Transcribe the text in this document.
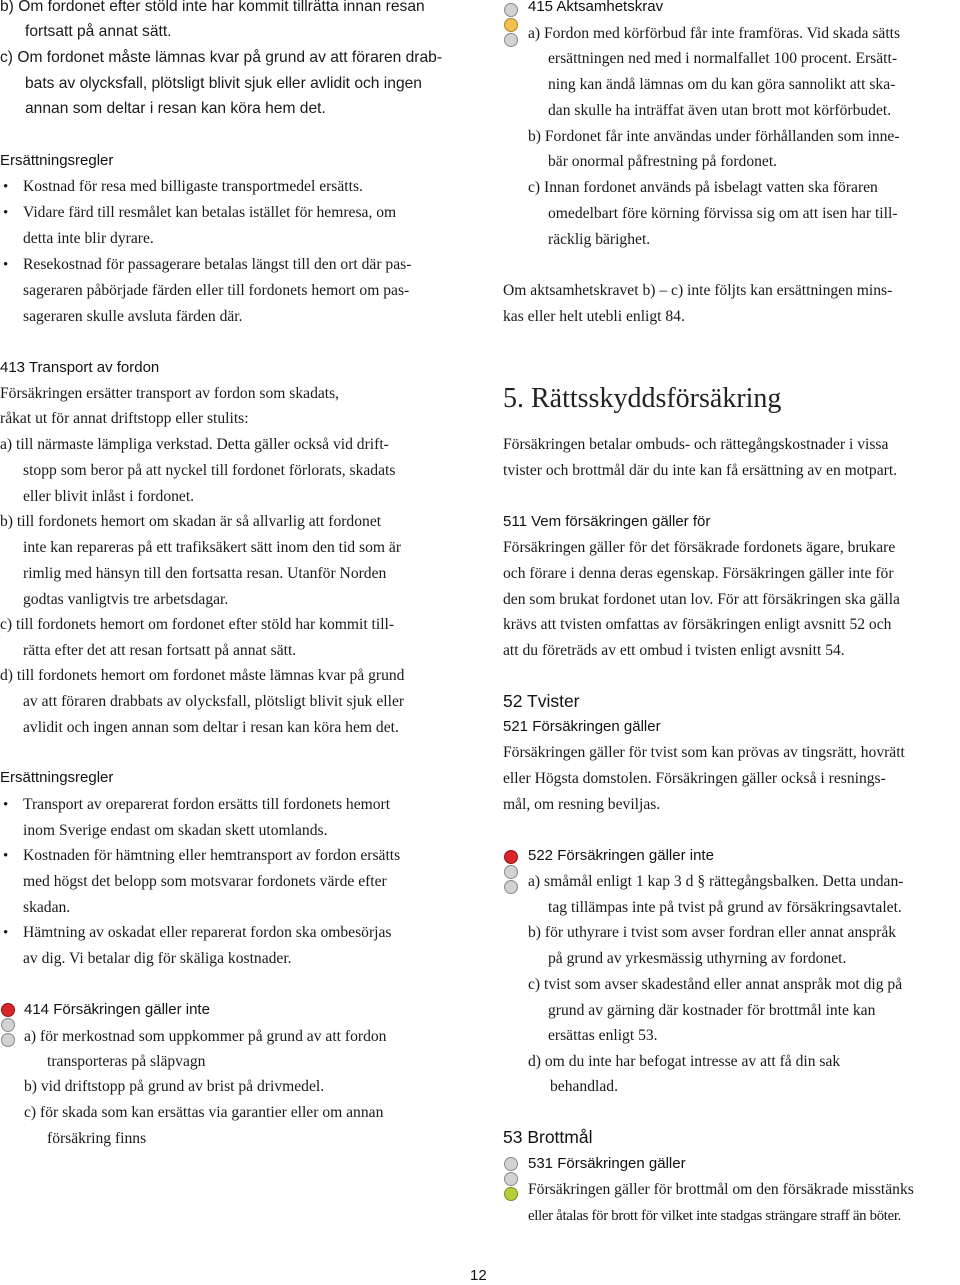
b) Om fordonet efter stöld inte har kommit tillrätta innan resan
fortsatt på annat sätt.
c) Om fordonet måste lämnas kvar på grund av att föraren drab-
bats av olycksfall, plötsligt blivit sjuk eller avlidit och ingen
annan som deltar i resan kan köra hem det.
Ersättningsregler
• Kostnad för resa med billigaste transportmedel ersätts.
• Vidare färd till resmålet kan betalas istället för hemresa, om
detta inte blir dyrare.
• Resekostnad för passagerare betalas längst till den ort där pas-
sageraren påbörjade färden eller till fordonets hemort om pas-
sageraren skulle avsluta färden där.
413 Transport av fordon
Försäkringen ersätter transport av fordon som skadats,
råkat ut för annat driftstopp eller stulits:
a) till närmaste lämpliga verkstad. Detta gäller också vid drift-
stopp som beror på att nyckel till fordonet förlorats, skadats
eller blivit inlåst i fordonet.
b) till fordonets hemort om skadan är så allvarlig att fordonet
inte kan repareras på ett trafiksäkert sätt inom den tid som är
rimlig med hänsyn till den fortsatta resan. Utanför Norden
godtas vanligtvis tre arbetsdagar.
c) till fordonets hemort om fordonet efter stöld har kommit till-
rätta efter det att resan fortsatt på annat sätt.
d) till fordonets hemort om fordonet måste lämnas kvar på grund
av att föraren drabbats av olycksfall, plötsligt blivit sjuk eller
avlidit och ingen annan som deltar i resan kan köra hem det.
Ersättningsregler
• Transport av oreparerat fordon ersätts till fordonets hemort
inom Sverige endast om skadan skett utomlands.
• Kostnaden för hämtning eller hemtransport av fordon ersätts
med högst det belopp som motsvarar fordonets värde efter
skadan.
• Hämtning av oskadat eller reparerat fordon ska ombesörjas
av dig. Vi betalar dig för skäliga kostnader.
414 Försäkringen gäller inte
a) för merkostnad som uppkommer på grund av att fordon
transporteras på släpvagn
b) vid driftstopp på grund av brist på drivmedel.
c) för skada som kan ersättas via garantier eller om annan
försäkring finns
415 Aktsamhetskrav
a) Fordon med körförbud får inte framföras. Vid skada sätts
ersättningen ned med i normalfallet 100 procent. Ersätt-
ning kan ändå lämnas om du kan göra sannolikt att ska-
dan skulle ha inträffat även utan brott mot körförbudet.
b) Fordonet får inte användas under förhållanden som inne-
bär onormal påfrestning på fordonet.
c) Innan fordonet används på isbelagt vatten ska föraren
omedelbart före körning förvissa sig om att isen har till-
räcklig bärighet.
Om aktsamhetskravet b) – c) inte följts kan ersättningen mins-
kas eller helt utebli enligt 84.
5. Rättsskyddsförsäkring
Försäkringen betalar ombuds- och rättegångskostnader i vissa
tvister och brottmål där du inte kan få ersättning av en motpart.
511 Vem försäkringen gäller för
Försäkringen gäller för det försäkrade fordonets ägare, brukare
och förare i denna deras egenskap. Försäkringen gäller inte för
den som brukat fordonet utan lov. För att försäkringen ska gälla
krävs att tvisten omfattas av försäkringen enligt avsnitt 52 och
att du företräds av ett ombud i tvisten enligt avsnitt 54.
52 Tvister
521 Försäkringen gäller
Försäkringen gäller för tvist som kan prövas av tingsrätt, hovrätt
eller Högsta domstolen. Försäkringen gäller också i resnings-
mål, om resning beviljas.
522 Försäkringen gäller inte
a) småmål enligt 1 kap 3 d § rättegångsbalken. Detta undan-
tag tillämpas inte på tvist på grund av försäkringsavtalet.
b) för uthyrare i tvist som avser fordran eller annat anspråk
på grund av yrkesmässig uthyrning av fordonet.
c) tvist som avser skadestånd eller annat anspråk mot dig på
grund av gärning där kostnader för brottmål inte kan
ersättas enligt 53.
d) om du inte har befogat intresse av att få din sak
behandlad.
53 Brottmål
531 Försäkringen gäller
Försäkringen gäller för brottmål om den försäkrade misstänks
eller åtalas för brott för vilket inte stadgas strängare straff än böter.
12
